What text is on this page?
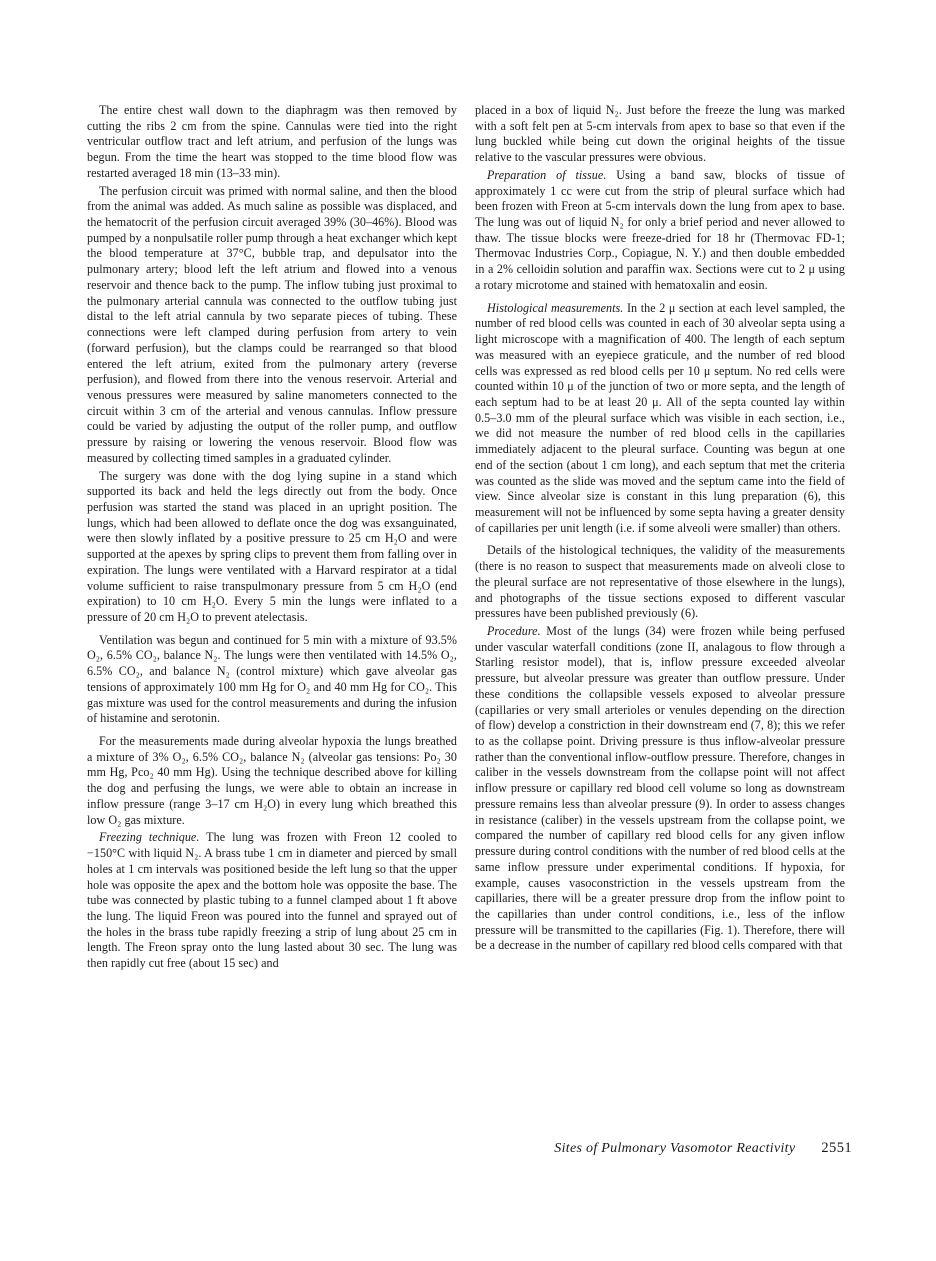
The entire chest wall down to the diaphragm was then removed by cutting the ribs 2 cm from the spine. Cannulas were tied into the right ventricular outflow tract and left atrium, and perfusion of the lungs was begun. From the time the heart was stopped to the time blood flow was restarted averaged 18 min (13–33 min).

The perfusion circuit was primed with normal saline, and then the blood from the animal was added. As much saline as possible was displaced, and the hematocrit of the perfusion circuit averaged 39% (30–46%). Blood was pumped by a nonpulsatile roller pump through a heat exchanger which kept the blood temperature at 37°C, bubble trap, and depulsator into the pulmonary artery; blood left the left atrium and flowed into a venous reservoir and thence back to the pump. The inflow tubing just proximal to the pulmonary arterial cannula was connected to the outflow tubing just distal to the left atrial cannula by two separate pieces of tubing. These connections were left clamped during perfusion from artery to vein (forward perfusion), but the clamps could be rearranged so that blood entered the left atrium, exited from the pulmonary artery (reverse perfusion), and flowed from there into the venous reservoir. Arterial and venous pressures were measured by saline manometers connected to the circuit within 3 cm of the arterial and venous cannulas. Inflow pressure could be varied by adjusting the output of the roller pump, and outflow pressure by raising or lowering the venous reservoir. Blood flow was measured by collecting timed samples in a graduated cylinder.

The surgery was done with the dog lying supine in a stand which supported its back and held the legs directly out from the body. Once perfusion was started the stand was placed in an upright position. The lungs, which had been allowed to deflate once the dog was exsanguinated, were then slowly inflated by a positive pressure to 25 cm H₂O and were supported at the apexes by spring clips to prevent them from falling over in expiration. The lungs were ventilated with a Harvard respirator at a tidal volume sufficient to raise transpulmonary pressure from 5 cm H₂O (end expiration) to 10 cm H₂O. Every 5 min the lungs were inflated to a pressure of 20 cm H₂O to prevent atelectasis.

Ventilation was begun and continued for 5 min with a mixture of 93.5% O₂, 6.5% CO₂, balance N₂. The lungs were then ventilated with 14.5% O₂, 6.5% CO₂, and balance N₂ (control mixture) which gave alveolar gas tensions of approximately 100 mm Hg for O₂ and 40 mm Hg for CO₂. This gas mixture was used for the control measurements and during the infusion of histamine and serotonin.

For the measurements made during alveolar hypoxia the lungs breathed a mixture of 3% O₂, 6.5% CO₂, balance N₂ (alveolar gas tensions: Po₂ 30 mm Hg, Pco₂ 40 mm Hg). Using the technique described above for killing the dog and perfusing the lungs, we were able to obtain an increase in inflow pressure (range 3–17 cm H₂O) in every lung which breathed this low O₂ gas mixture.

Freezing technique. The lung was frozen with Freon 12 cooled to −150°C with liquid N₂. A brass tube 1 cm in diameter and pierced by small holes at 1 cm intervals was positioned beside the left lung so that the upper hole was opposite the apex and the bottom hole was opposite the base. The tube was connected by plastic tubing to a funnel clamped about 1 ft above the lung. The liquid Freon was poured into the funnel and sprayed out of the holes in the brass tube rapidly freezing a strip of lung about 25 cm in length. The Freon spray onto the lung lasted about 30 sec. The lung was then rapidly cut free (about 15 sec) and

placed in a box of liquid N₂. Just before the freeze the lung was marked with a soft felt pen at 5-cm intervals from apex to base so that even if the lung buckled while being cut down the original heights of the tissue relative to the vascular pressures were obvious.

Preparation of tissue. Using a band saw, blocks of tissue of approximately 1 cc were cut from the strip of pleural surface which had been frozen with Freon at 5-cm intervals down the lung from apex to base. The lung was out of liquid N₂ for only a brief period and never allowed to thaw. The tissue blocks were freeze-dried for 18 hr (Thermovac FD-1; Thermovac Industries Corp., Copiague, N. Y.) and then double embedded in a 2% celloidin solution and paraffin wax. Sections were cut to 2 μ using a rotary microtome and stained with hematoxalin and eosin.

Histological measurements. In the 2 μ section at each level sampled, the number of red blood cells was counted in each of 30 alveolar septa using a light microscope with a magnification of 400. The length of each septum was measured with an eyepiece graticule, and the number of red blood cells was expressed as red blood cells per 10 μ septum. No red cells were counted within 10 μ of the junction of two or more septa, and the length of each septum had to be at least 20 μ. All of the septa counted lay within 0.5–3.0 mm of the pleural surface which was visible in each section, i.e., we did not measure the number of red blood cells in the capillaries immediately adjacent to the pleural surface. Counting was begun at one end of the section (about 1 cm long), and each septum that met the criteria was counted as the slide was moved and the septum came into the field of view. Since alveolar size is constant in this lung preparation (6), this measurement will not be influenced by some septa having a greater density of capillaries per unit length (i.e. if some alveoli were smaller) than others.

Details of the histological techniques, the validity of the measurements (there is no reason to suspect that measurements made on alveoli close to the pleural surface are not representative of those elsewhere in the lungs), and photographs of the tissue sections exposed to different vascular pressures have been published previously (6).

Procedure. Most of the lungs (34) were frozen while being perfused under vascular waterfall conditions (zone II, analagous to flow through a Starling resistor model), that is, inflow pressure exceeded alveolar pressure, but alveolar pressure was greater than outflow pressure. Under these conditions the collapsible vessels exposed to alveolar pressure (capillaries or very small arterioles or venules depending on the direction of flow) develop a constriction in their downstream end (7, 8); this we refer to as the collapse point. Driving pressure is thus inflow-alveolar pressure rather than the conventional inflow-outflow pressure. Therefore, changes in caliber in the vessels downstream from the collapse point will not affect inflow pressure or capillary red blood cell volume so long as downstream pressure remains less than alveolar pressure (9). In order to assess changes in resistance (caliber) in the vessels upstream from the collapse point, we compared the number of capillary red blood cells for any given inflow pressure during control conditions with the number of red blood cells at the same inflow pressure under experimental conditions. If hypoxia, for example, causes vasoconstriction in the vessels upstream from the capillaries, there will be a greater pressure drop from the inflow point to the capillaries than under control conditions, i.e., less of the inflow pressure will be transmitted to the capillaries (Fig. 1). Therefore, there will be a decrease in the number of capillary red blood cells compared with that

Sites of Pulmonary Vasomotor Reactivity 2551
